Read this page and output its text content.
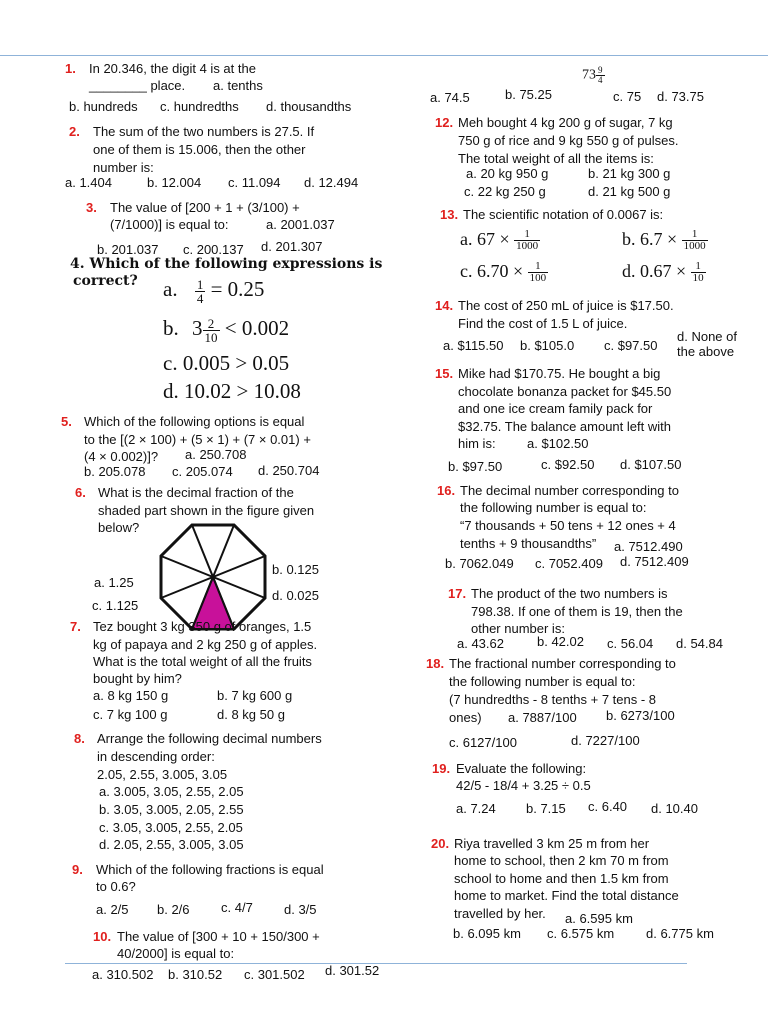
1. In 20.346, the digit 4 is at the
________ place. a. tenths
b. hundreds c. hundredths d. thousandths
2. The sum of the two numbers is 27.5. If
one of them is 15.006, then the other
number is:
a. 1.404	b. 12.004 c. 11.094 d. 12.494
3. The value of [200 + 1 + (3/100) +
(7/1000)] is equal to:	a. 2001.037
b. 201.037 c. 200.137 d. 201.307
4. Which of the following expressions is
correct? a. $\frac{1}{4} = 0.25$
b. $3 \frac{2}{10} < 0.002$
c. 0.005 > 0.05
d. 10.02 > 10.08
5. Which of the following options is equal
to the [(2 × 100) + (5 × 1) + (7 × 0.01) +
(4 × 0.002)]? a. 250.708
b. 205.078 c. 205.074 d. 250.704
6. What is the decimal fraction of the
shaded part shown in the figure given
below?
a. 1.25
b. 0.125
c. 1.125
d. 0.025
7. Tez bought 3 kg 350 g of oranges, 1.5
kg of papaya and 2 kg 250 g of apples.
What is the total weight of all the fruits
bought by him?
a. 8 kg 150 g	b. 7 kg 600 g
c. 7 kg 100 g	d. 8 kg 50 g
8. Arrange the following decimal numbers
in descending order:
2.05, 2.55, 3.005, 3.05
a. 3.005, 3.05, 2.55, 2.05
b. 3.05, 3.005, 2.05, 2.55
c. 3.05, 3.005, 2.55, 2.05
d. 2.05, 2.55, 3.005, 3.05
9. Which of the following fractions is equal
to 0.6?
a. 2/5 b. 2/6 c. 4/7 d. 3/5
10. The value of [300 + 10 + 150/300 +
40/2000] is equal to:
a. 310.502 b. 310.52 c. 301.502 d. 301.52
$73 \frac{9}{4}$
a. 74.5	b. 75.25	c. 75 d. 73.75
12. Meh bought 4 kg 200 g of sugar, 7 kg
750 g of rice and 9 kg 550 g of pulses.
The total weight of all the items is:
a. 20 kg 950 g	b. 21 kg 300 g
c. 22 kg 250 g	d. 21 kg 500 g
13. The scientific notation of 0.0067 is:
a. $67 \times \frac{1}{1000}$	b. $6.7 \times \frac{1}{1000}$
c. $6.70 \times \frac{1}{100}$	d. $0.67 \times \frac{1}{10}$
14. The cost of 250 mL of juice is $17.50.
Find the cost of 1.5 L of juice.
a. $115.50 b. $105.0 c. $97.50
d. None of
the above
15. Mike had $170.75. He bought a big
chocolate bonanza packet for $45.50
and one ice cream family pack for
$32.75. The balance amount left with
him is: a. $102.50
b. $97.50	c. $92.50 d. $107.50
16. The decimal number corresponding to
the following number is equal to:
“7 thousands + 50 tens + 12 ones + 4
tenths + 9 thousandths” a. 7512.490
b. 7062.049 c. 7052.409 d. 7512.409
17. The product of the two numbers is
798.38. If one of them is 19, then the
other number is:
a. 43.62	b. 42.02 c. 56.04 d. 54.84
18. The fractional number corresponding to
the following number is equal to:
(7 hundredths - 8 tenths + 7 tens - 8
ones) a. 7887/100 b. 6273/100
c. 6127/100	d. 7227/100
19. Evaluate the following:
42/5 - 18/4 + 3.25 ÷ 0.5
a. 7.24 b. 7.15 c. 6.40 d. 10.40
20. Riya travelled 3 km 25 m from her
home to school, then 2 km 70 m from
school to home and then 1.5 km from
home to market. Find the total distance
travelled by her. a. 6.595 km
b. 6.095 km c. 6.575 km d. 6.775 km
